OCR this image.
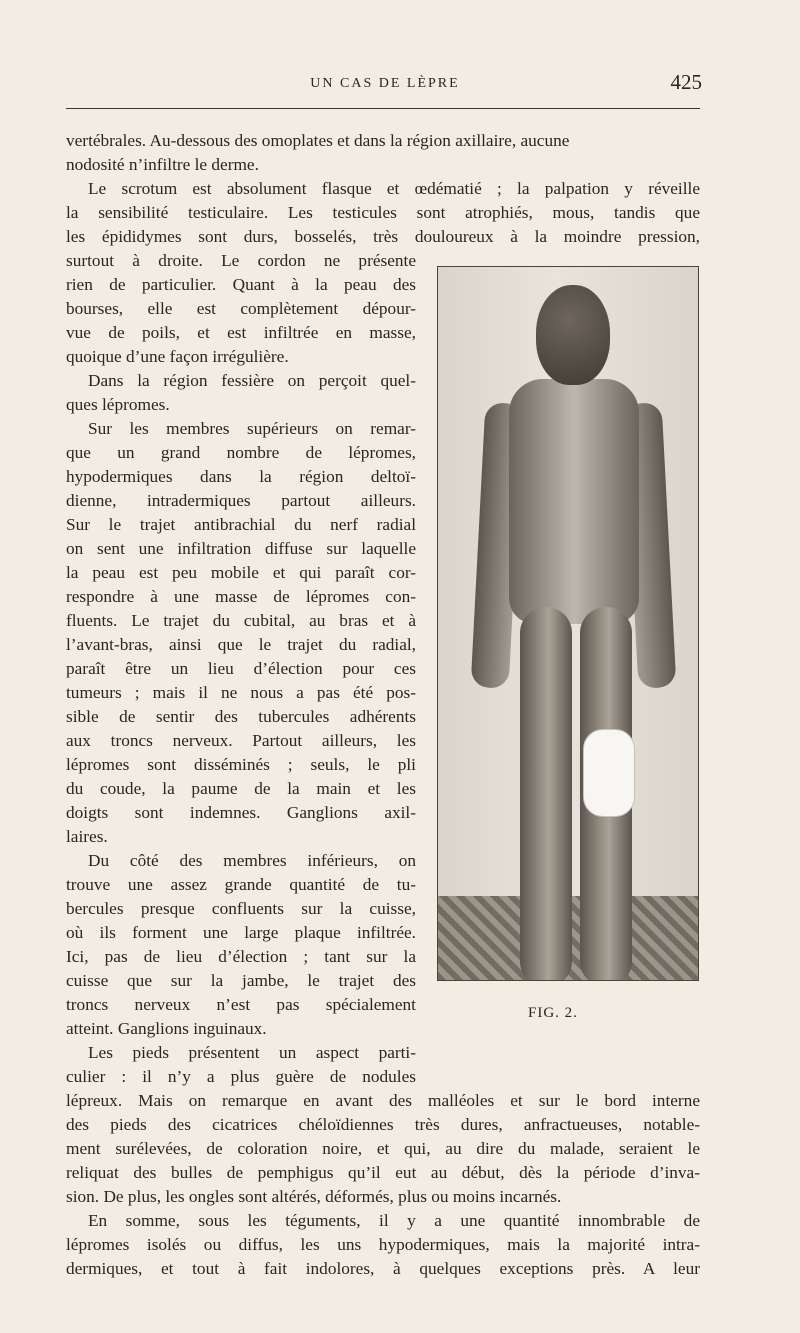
UN CAS DE LÈPRE	425
vertébrales. Au-dessous des omoplates et dans la région axillaire, aucune
nodosité n’infiltre le derme.
Le scrotum est absolument flasque et œdématié ; la palpation y réveille
la sensibilité testiculaire. Les testicules sont atrophiés, mous, tandis que
les épididymes sont durs, bosselés, très douloureux à la moindre pression,
surtout à droite. Le cordon ne présente
rien de particulier. Quant à la peau des
bourses, elle est complètement dépour-
vue de poils, et est infiltrée en masse,
quoique d’une façon irrégulière.
Dans la région fessière on perçoit quel-
ques lépromes.
Sur les membres supérieurs on remar-
que un grand nombre de lépromes,
hypodermiques dans la région deltoï-
dienne, intradermiques partout ailleurs.
Sur le trajet antibrachial du nerf radial
on sent une infiltration diffuse sur laquelle
la peau est peu mobile et qui paraît cor-
respondre à une masse de lépromes con-
fluents. Le trajet du cubital, au bras et à
l’avant-bras, ainsi que le trajet du radial,
paraît être un lieu d’élection pour ces
tumeurs ; mais il ne nous a pas été pos-
sible de sentir des tubercules adhérents
aux troncs nerveux. Partout ailleurs, les
lépromes sont disséminés ; seuls, le pli
du coude, la paume de la main et les
doigts sont indemnes. Ganglions axil-
laires.
Du côté des membres inférieurs, on
trouve une assez grande quantité de tu-
bercules presque confluents sur la cuisse,
où ils forment une large plaque infiltrée.
Ici, pas de lieu d’élection ; tant sur la
cuisse que sur la jambe, le trajet des
troncs nerveux n’est pas spécialement
atteint. Ganglions inguinaux.
Les pieds présentent un aspect parti-
culier : il n’y a plus guère de nodules
lépreux. Mais on remarque en avant des malléoles et sur le bord interne
des pieds des cicatrices chéloïdiennes très dures, anfractueuses, notable-
ment surélevées, de coloration noire, et qui, au dire du malade, seraient le
reliquat des bulles de pemphigus qu’il eut au début, dès la période d’inva-
sion. De plus, les ongles sont altérés, déformés, plus ou moins incarnés.
En somme, sous les téguments, il y a une quantité innombrable de
lépromes isolés ou diffus, les uns hypodermiques, mais la majorité intra-
dermiques, et tout à fait indolores, à quelques exceptions près. A leur
FIG. 2.
